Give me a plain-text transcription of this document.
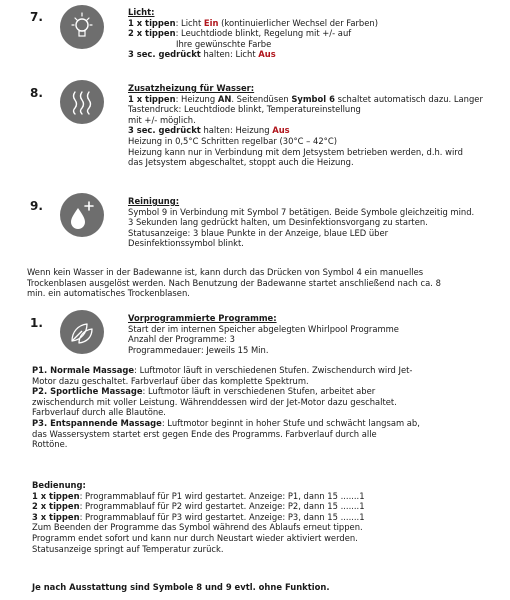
7.	Licht:
1 x tippen: Licht Ein (kontinuierlicher Wechsel der Farben)
2 x tippen: Leuchtdiode blinkt, Regelung mit +/- auf
Ihre gewünschte Farbe
3 sec. gedrückt halten: Licht Aus
8.	Zusatzheizung für Wasser:
1 x tippen: Heizung AN. Seitendüsen Symbol 6 schaltet automatisch dazu. Langer
Tastendruck: Leuchtdiode blinkt, Temperatureinstellung
mit +/- möglich.
3 sec. gedrückt halten: Heizung Aus
Heizung in 0,5°C Schritten regelbar (30°C – 42°C)
Heizung kann nur in Verbindung mit dem Jetsystem betrieben werden, d.h. wird
das Jetsystem abgeschaltet, stoppt auch die Heizung.
9.	Reinigung:
Symbol 9 in Verbindung mit Symbol 7 betätigen. Beide Symbole gleichzeitig mind.
3 Sekunden lang gedrückt halten, um Desinfektionsvorgang zu starten.
Statusanzeige: 3 blaue Punkte in der Anzeige, blaue LED über
Desinfektionssymbol blinkt.
Wenn kein Wasser in der Badewanne ist, kann durch das Drücken von Symbol 4 ein manuelles
Trockenblasen ausgelöst werden. Nach Benutzung der Badewanne startet anschließend nach ca. 8
min. ein automatisches Trockenblasen.
1.	Vorprogrammierte Programme:
Start der im internen Speicher abgelegten Whirlpool Programme
Anzahl der Programme: 3
Programmedauer: Jeweils 15 Min.
P1. Normale Massage: Luftmotor läuft in verschiedenen Stufen. Zwischendurch wird Jet-
Motor dazu geschaltet. Farbverlauf über das komplette Spektrum.
P2. Sportliche Massage: Luftmotor läuft in verschiedenen Stufen, arbeitet aber
zwischendurch mit voller Leistung. Währenddessen wird der Jet-Motor dazu geschaltet.
Farbverlauf durch alle Blautöne.
P3. Entspannende Massage: Luftmotor beginnt in hoher Stufe und schwächt langsam ab,
das Wassersystem startet erst gegen Ende des Programms. Farbverlauf durch alle
Rottöne.
Bedienung:
1 x tippen: Programmablauf für P1 wird gestartet. Anzeige: P1, dann 15 .......1
2 x tippen: Programmablauf für P2 wird gestartet. Anzeige: P2, dann 15 .......1
3 x tippen: Programmablauf für P3 wird gestartet. Anzeige: P3, dann 15 .......1
Zum Beenden der Programme das Symbol während des Ablaufs erneut tippen.
Programm endet sofort und kann nur durch Neustart wieder aktiviert werden.
Statusanzeige springt auf Temperatur zurück.
Je nach Ausstattung sind Symbole 8 und 9 evtl. ohne Funktion.
